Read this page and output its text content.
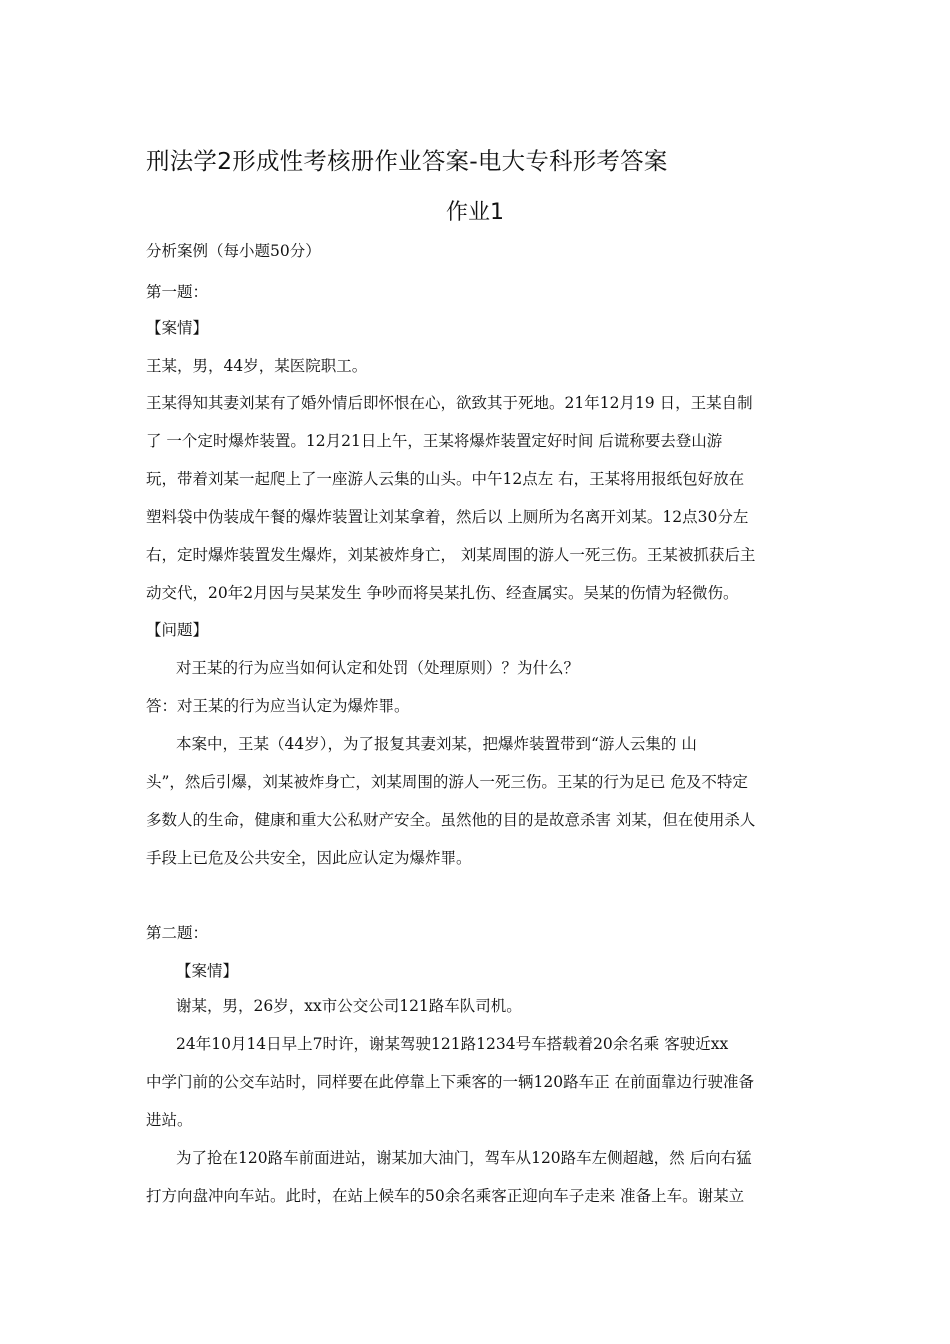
刑法学2形成性考核册作业答案-电大专科形考答案
作业1
分析案例（每小题50分）
第一题：
【案情】
王某，男，44岁，某医院职工。
王某得知其妻刘某有了婚外情后即怀恨在心，欲致其于死地。21年12月19 日，王某自制
了 一个定时爆炸装置。12月21日上午，王某将爆炸装置定好时间 后谎称要去登山游
玩，带着刘某一起爬上了一座游人云集的山头。中午12点左 右，王某将用报纸包好放在
塑料袋中伪装成午餐的爆炸装置让刘某拿着，然后以 上厕所为名离开刘某。12点30分左
右，定时爆炸装置发生爆炸，刘某被炸身亡， 刘某周围的游人一死三伤。王某被抓获后主
动交代，20年2月因与吴某发生 争吵而将吴某扎伤、经查属实。吴某的伤情为轻微伤。
【问题】
对王某的行为应当如何认定和处罚（处理原则）？为什么？
答：对王某的行为应当认定为爆炸罪。
本案中，王某（44岁），为了报复其妻刘某，把爆炸装置带到“游人云集的 山
头”，然后引爆，刘某被炸身亡，刘某周围的游人一死三伤。王某的行为足已 危及不特定
多数人的生命，健康和重大公私财产安全。虽然他的目的是故意杀害 刘某，但在使用杀人
手段上已危及公共安全，因此应认定为爆炸罪。
第二题：
【案情】
谢某，男，26岁，xx市公交公司121路车队司机。
24年10月14日早上7时许，谢某驾驶121路1234号车搭载着20余名乘 客驶近xx
中学门前的公交车站时，同样要在此停靠上下乘客的一辆120路车正 在前面靠边行驶准备
进站。
为了抢在120路车前面进站，谢某加大油门，驾车从120路车左侧超越，然 后向右猛
打方向盘冲向车站。此时，在站上候车的50余名乘客正迎向车子走来 准备上车。谢某立
